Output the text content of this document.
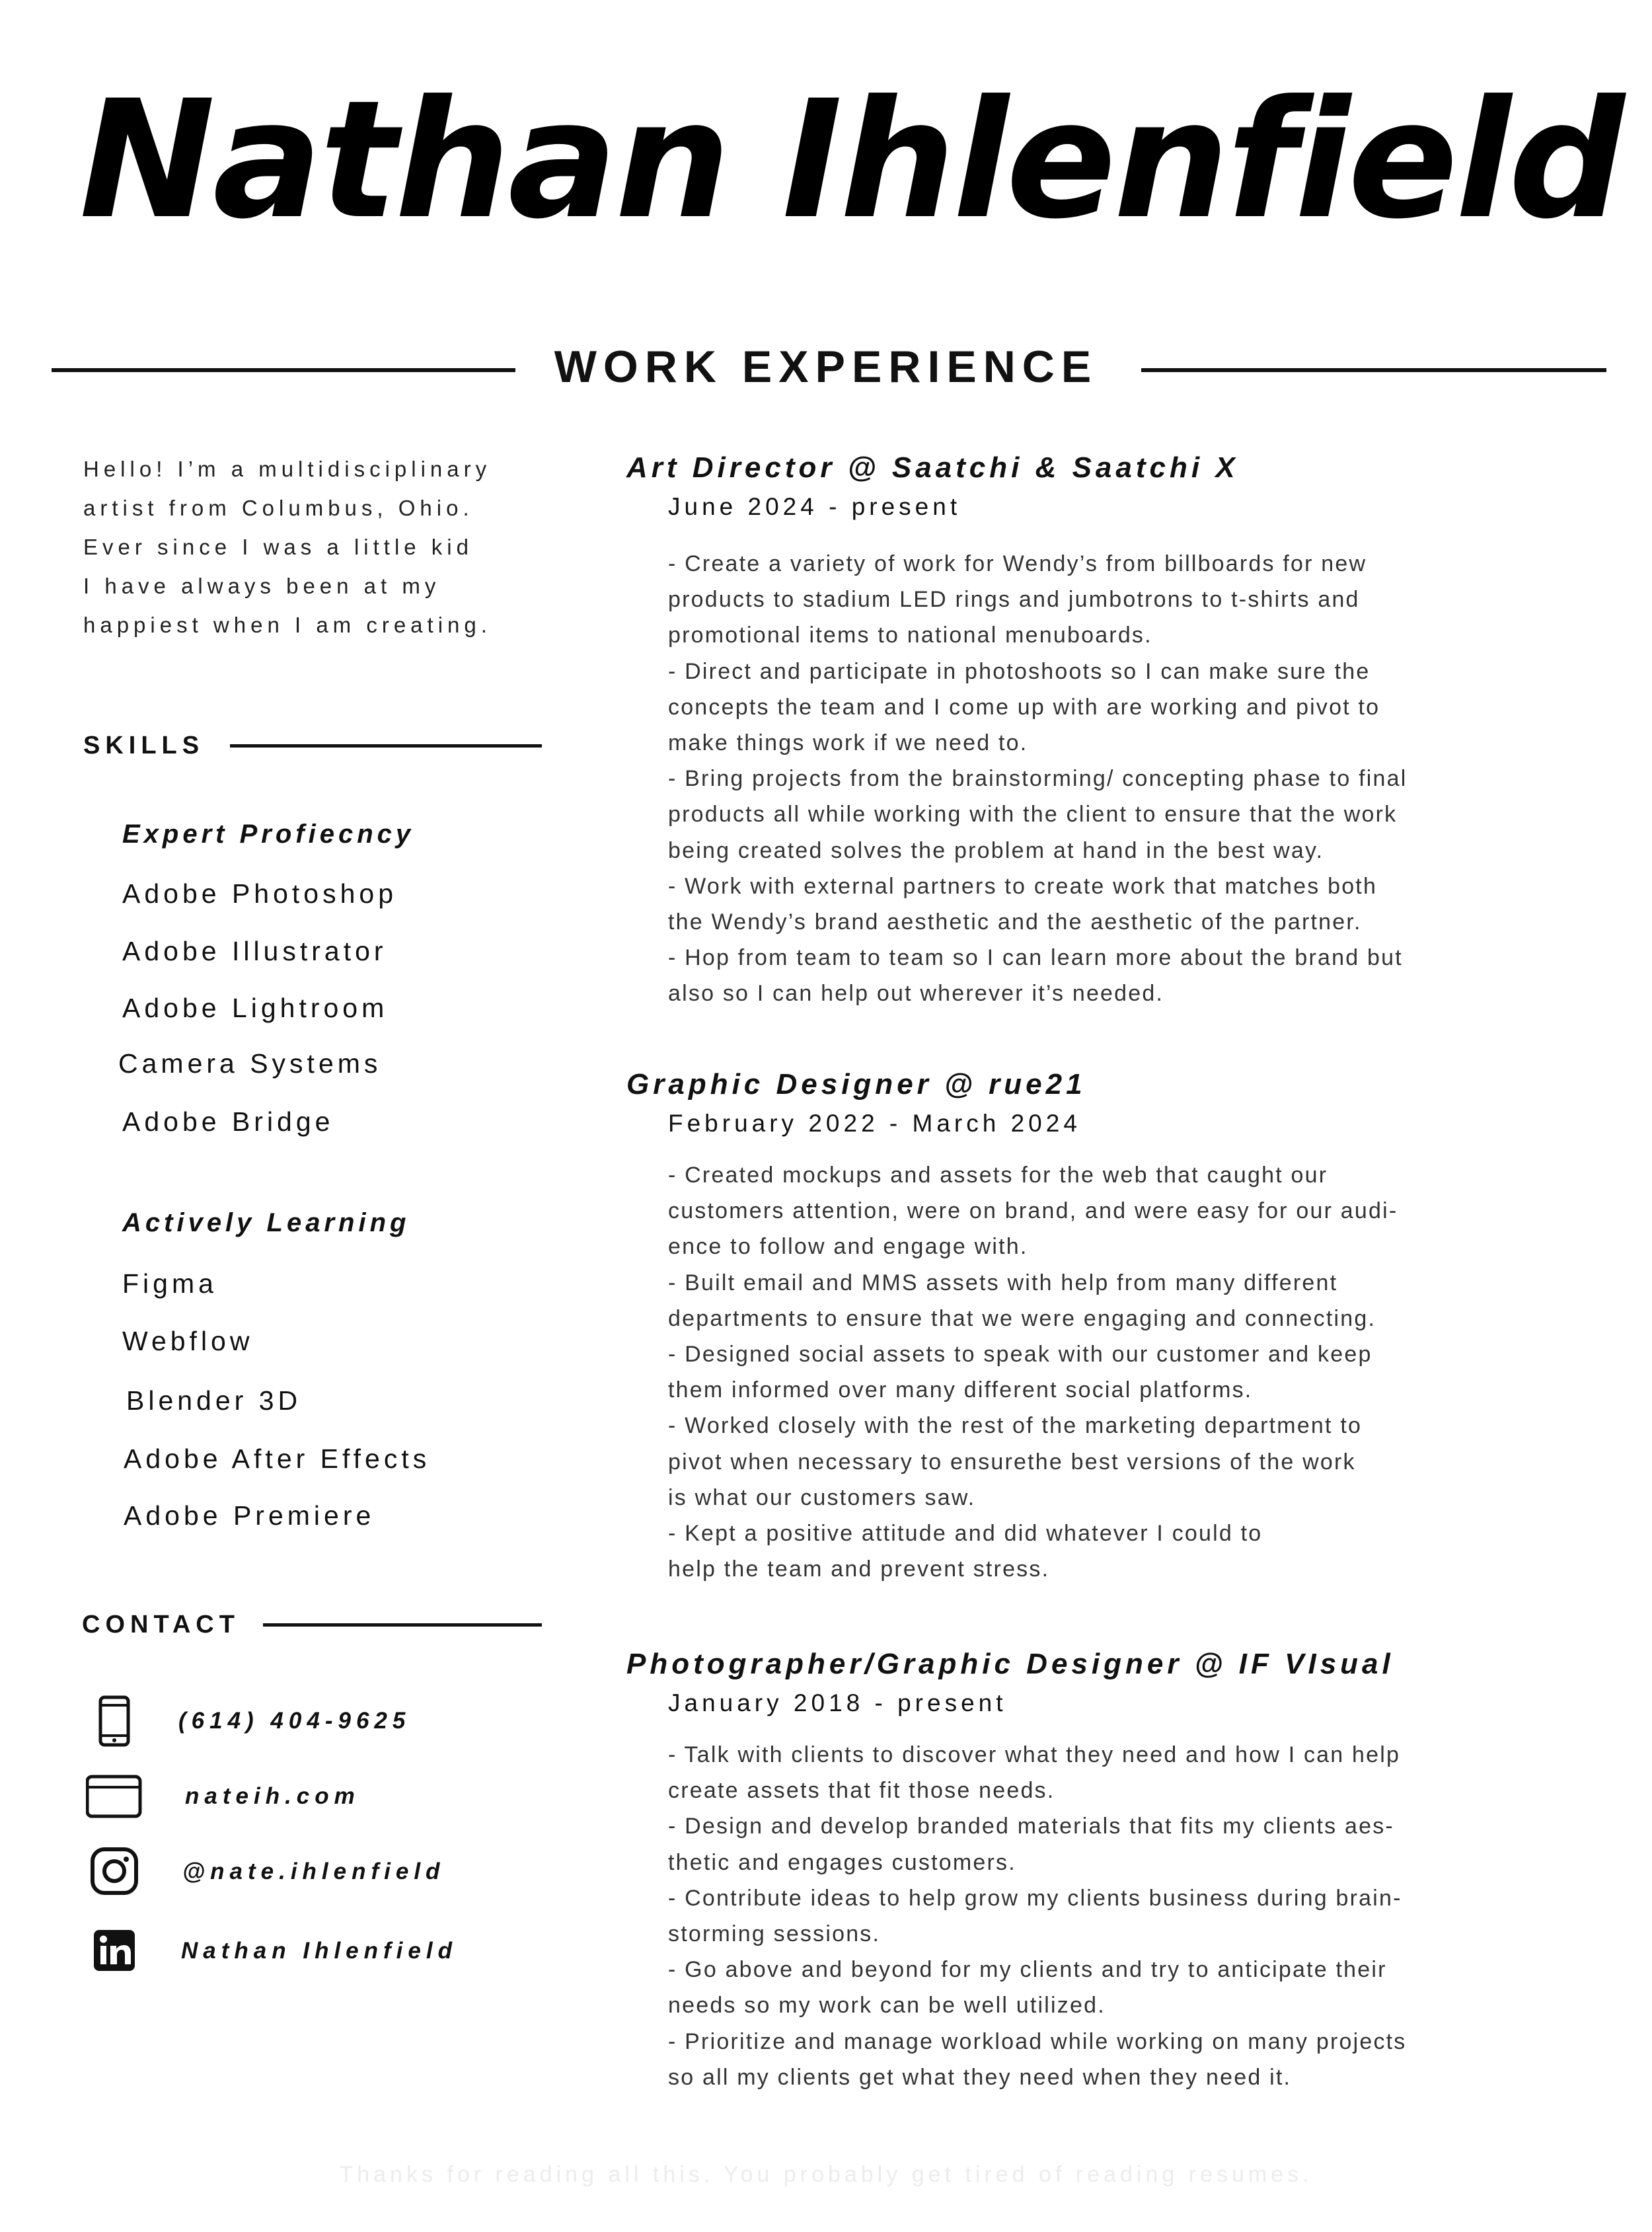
Nathan Ihlenfield
WORK EXPERIENCE
Hello! I’m a multidisciplinary
artist from Columbus, Ohio.
Ever since I was a little kid
I have always been at my
happiest when I am creating.
SKILLS
Expert Profiecncy
Adobe Photoshop
Adobe Illustrator
Adobe Lightroom
Camera Systems
Adobe Bridge
Actively Learning
Figma
Webflow
Blender 3D
Adobe After Effects
Adobe Premiere
CONTACT
(614) 404-9625
nateih.com
@nate.ihlenfield
Nathan Ihlenfield
Art Director @ Saatchi & Saatchi X
June 2024 - present
- Create a variety of work for Wendy’s from billboards for new
products to stadium LED rings and jumbotrons to t-shirts and
promotional items to national menuboards.
- Direct and participate in photoshoots so I can make sure the
concepts the team and I come up with are working and pivot to
make things work if we need to.
- Bring projects from the brainstorming/ concepting phase to final
products all while working with the client to ensure that the work
being created solves the problem at hand in the best way.
- Work with external partners to create work that matches both
the Wendy’s brand aesthetic and the aesthetic of the partner.
- Hop from team to team so I can learn more about the brand but
also so I can help out wherever it’s needed.
Graphic Designer @ rue21
February 2022 - March 2024
- Created mockups and assets for the web that caught our
customers attention, were on brand, and were easy for our audi-
ence to follow and engage with.
- Built email and MMS assets with help from many different
departments to ensure that we were engaging and connecting.
- Designed social assets to speak with our customer and keep
them informed over many different social platforms.
- Worked closely with the rest of the marketing department to
pivot when necessary to ensurethe best versions of the work
is what our customers saw.
- Kept a positive attitude and did whatever I could to
help the team and prevent stress.
Photographer/Graphic Designer @ IF VIsual
January 2018 - present
- Talk with clients to discover what they need and how I can help
create assets that fit those needs.
- Design and develop branded materials that fits my clients aes-
thetic and engages customers.
- Contribute ideas to help grow my clients business during brain-
storming sessions.
- Go above and beyond for my clients and try to anticipate their
needs so my work can be well utilized.
- Prioritize and manage workload while working on many projects
so all my clients get what they need when they need it.
Thanks for reading all this. You probably get tired of reading resumes.
